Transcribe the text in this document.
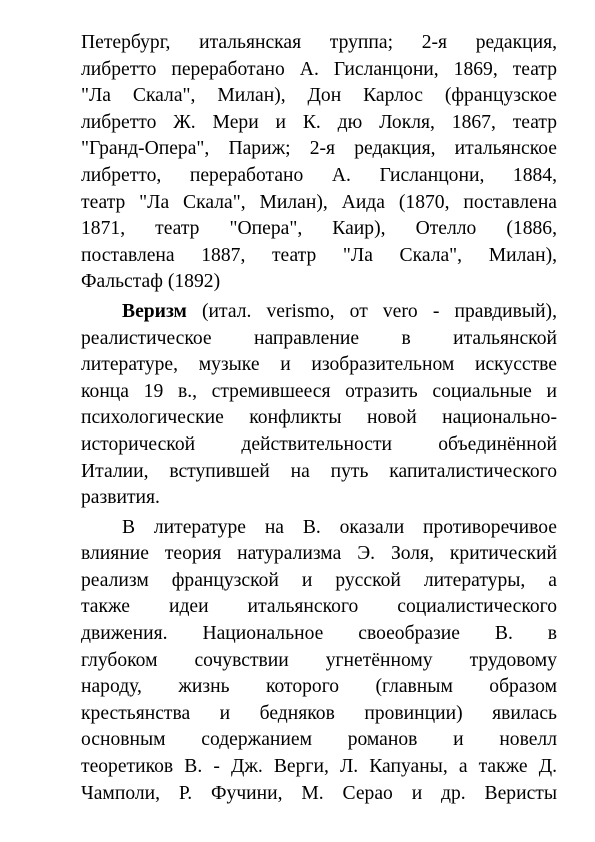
Петербург, итальянская труппа; 2-я редакция,
либретто переработано А. Гисланцони, 1869, театр
"Ла Скала", Милан), Дон Карлос (французское
либретто Ж. Мери и К. дю Локля, 1867, театр
"Гранд-Опера", Париж; 2-я редакция, итальянское
либретто, переработано А. Гисланцони, 1884,
театр "Ла Скала", Милан), Аида (1870, поставлена
1871, театр "Опера", Каир), Отелло (1886,
поставлена 1887, театр "Ла Скала", Милан),
Фальстаф (1892)
Веризм (итал. verismo, от vero - правдивый),
реалистическое направление в итальянской
литературе, музыке и изобразительном искусстве
конца 19 в., стремившееся отразить социальные и
психологические конфликты новой национально-
исторической действительности объединённой
Италии, вступившей на путь капиталистического
развития.
В литературе на В. оказали противоречивое
влияние теория натурализма Э. Золя, критический
реализм французской и русской литературы, а
также идеи итальянского социалистического
движения. Национальное своеобразие В. в
глубоком сочувствии угнетённому трудовому
народу, жизнь которого (главным образом
крестьянства и бедняков провинции) явилась
основным содержанием романов и новелл
теоретиков В. - Дж. Верги, Л. Капуаны, а также Д.
Чамполи, Р. Фучини, М. Серао и др. Веристы
